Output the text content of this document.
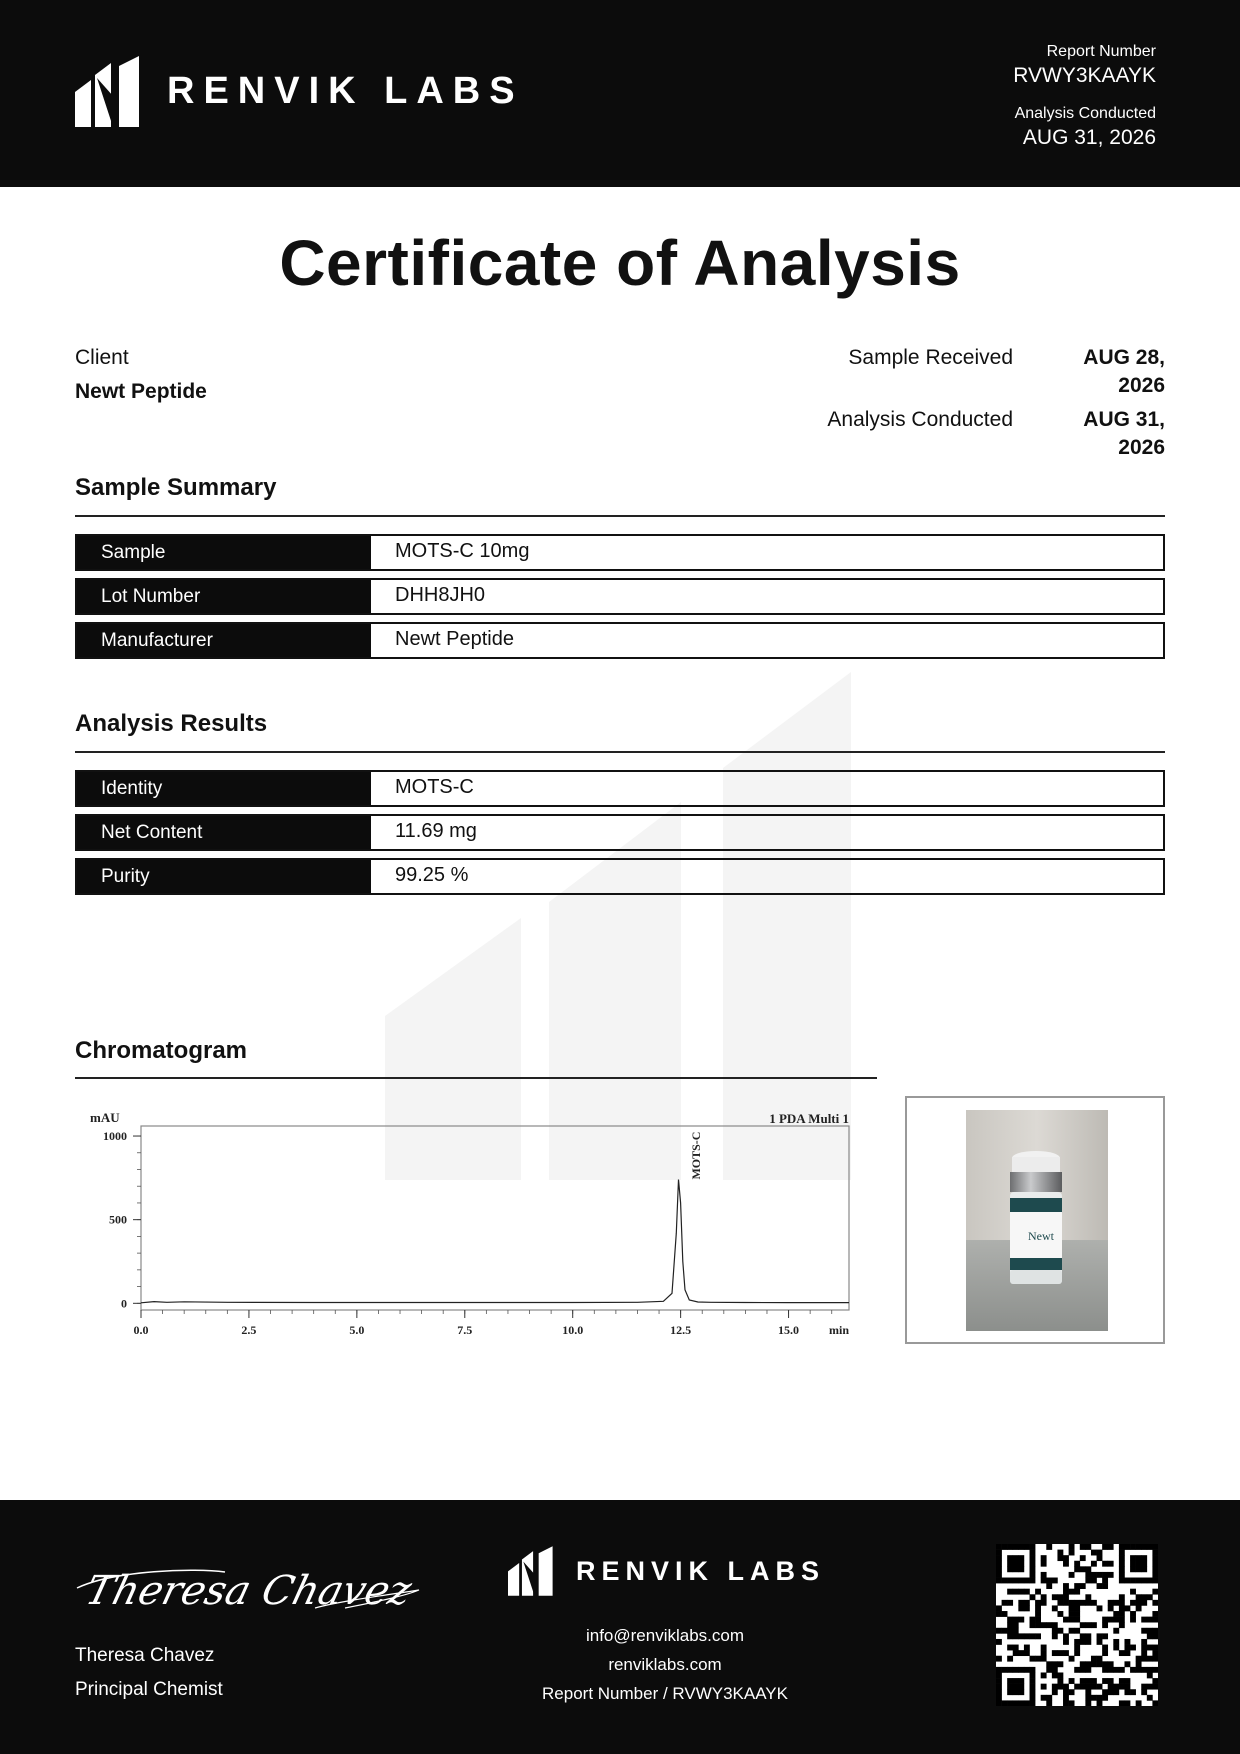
RENVIK LABS
Report Number
RVWY3KAAYK
Analysis Conducted
AUG 31, 2026
Certificate of Analysis
Client
Newt Peptide
Sample Received	AUG 28, 2026
Analysis Conducted	AUG 31, 2026
Sample Summary
Sample	MOTS-C 10mg
Lot Number	DHH8JH0
Manufacturer	Newt Peptide
Analysis Results
Identity	MOTS-C
Net Content	11.69 mg
Purity	99.25 %
Chromatogram
0
500
1000
0.0	2.5	5.0	7.5	10.0	12.5	15.0
mAU
min
1 PDA Multi 1
MOTS-C
Newt
Theresa Chavez
Theresa Chavez
Principal Chemist
RENVIK LABS
info@renviklabs.com
renviklabs.com
Report Number / RVWY3KAAYK
